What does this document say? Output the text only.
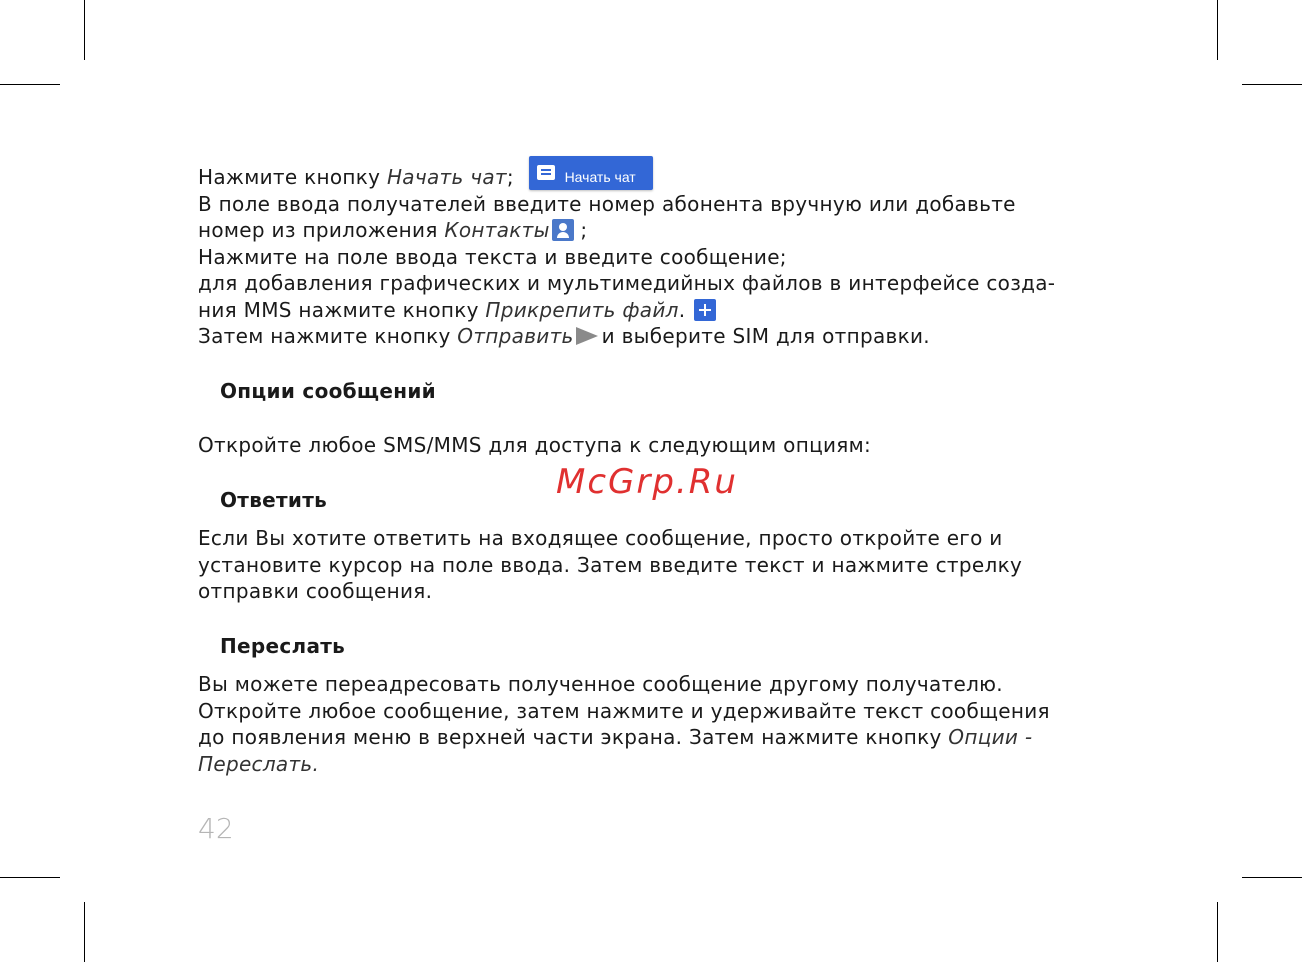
Нажмите кнопку Начать чат;	Начать чат

В поле ввода получателей введите номер абонента вручную или добавьте

номер из приложения Контакты ;

Нажмите на поле ввода текста и введите сообщение;

для добавления графических и мультимедийных файлов в интерфейсе созда-

ния MMS нажмите кнопку Прикрепить файл.

Затем нажмите кнопку Отправить и выберите SIM для отправки.

Опции сообщений

Откройте любое SMS/MMS для доступа к следующим опциям:

Ответить

Если Вы хотите ответить на входящее сообщение, просто откройте его и

установите курсор на поле ввода. Затем введите текст и нажмите стрелку

отправки сообщения.

Переслать

Вы можете переадресовать полученное сообщение другому получателю.

Откройте любое сообщение, затем нажмите и удерживайте текст сообщения

до появления меню в верхней части экрана. Затем нажмите кнопку Опции -

Переслать.

McGrp.Ru
42
